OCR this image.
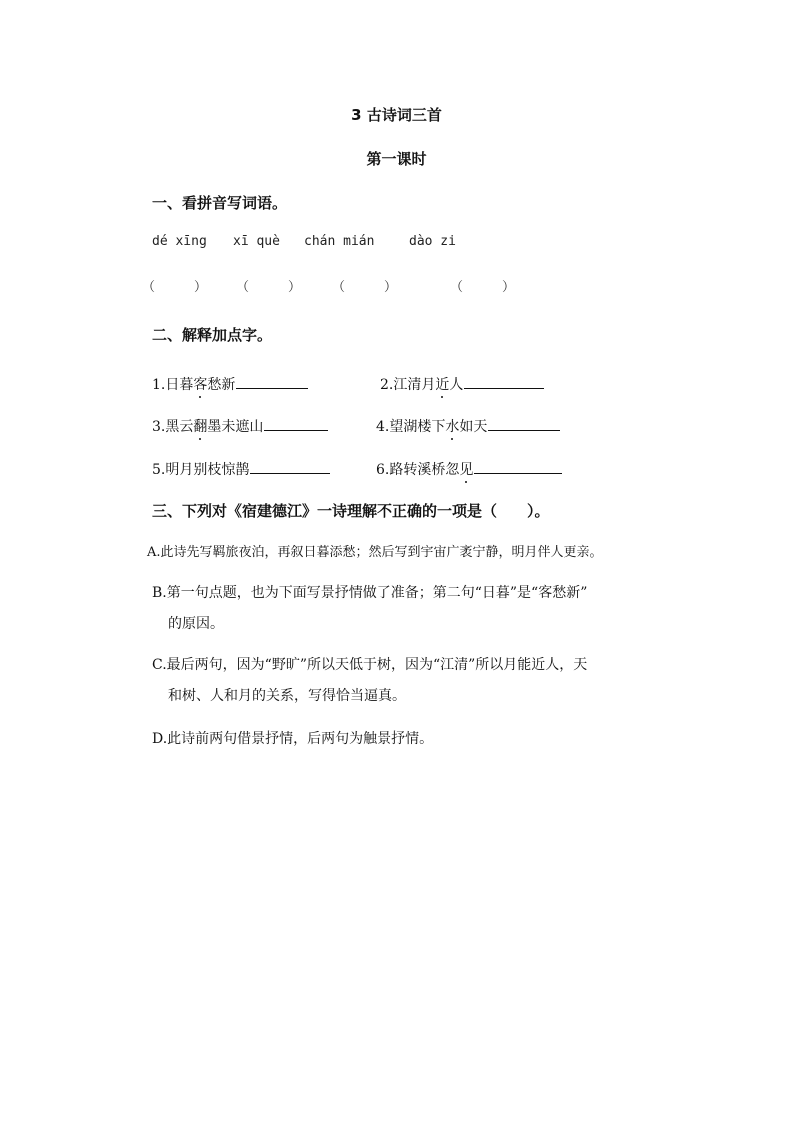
3 古诗词三首
第一课时
一、看拼音写词语。
dé xīng xī què chán mián	dào zi
（　　　） （　　　） （　　　）	（　　　）
二、解释加点字。
1.日暮客愁新	2.江清月近人
3.黑云翻墨未遮山	4.望湖楼下水如天
5.明月别枝惊鹊	6.路转溪桥忽见
三、下列对《宿建德江》一诗理解不正确的一项是（　　）。
A.此诗先写羁旅夜泊，再叙日暮添愁；然后写到宇宙广袤宁静，明月伴人更亲。
B.第一句点题，也为下面写景抒情做了准备；第二句“日暮”是“客愁新”
的原因。
C.最后两句，因为“野旷”所以天低于树，因为“江清”所以月能近人，天
和树、人和月的关系，写得恰当逼真。
D.此诗前两句借景抒情，后两句为触景抒情。
